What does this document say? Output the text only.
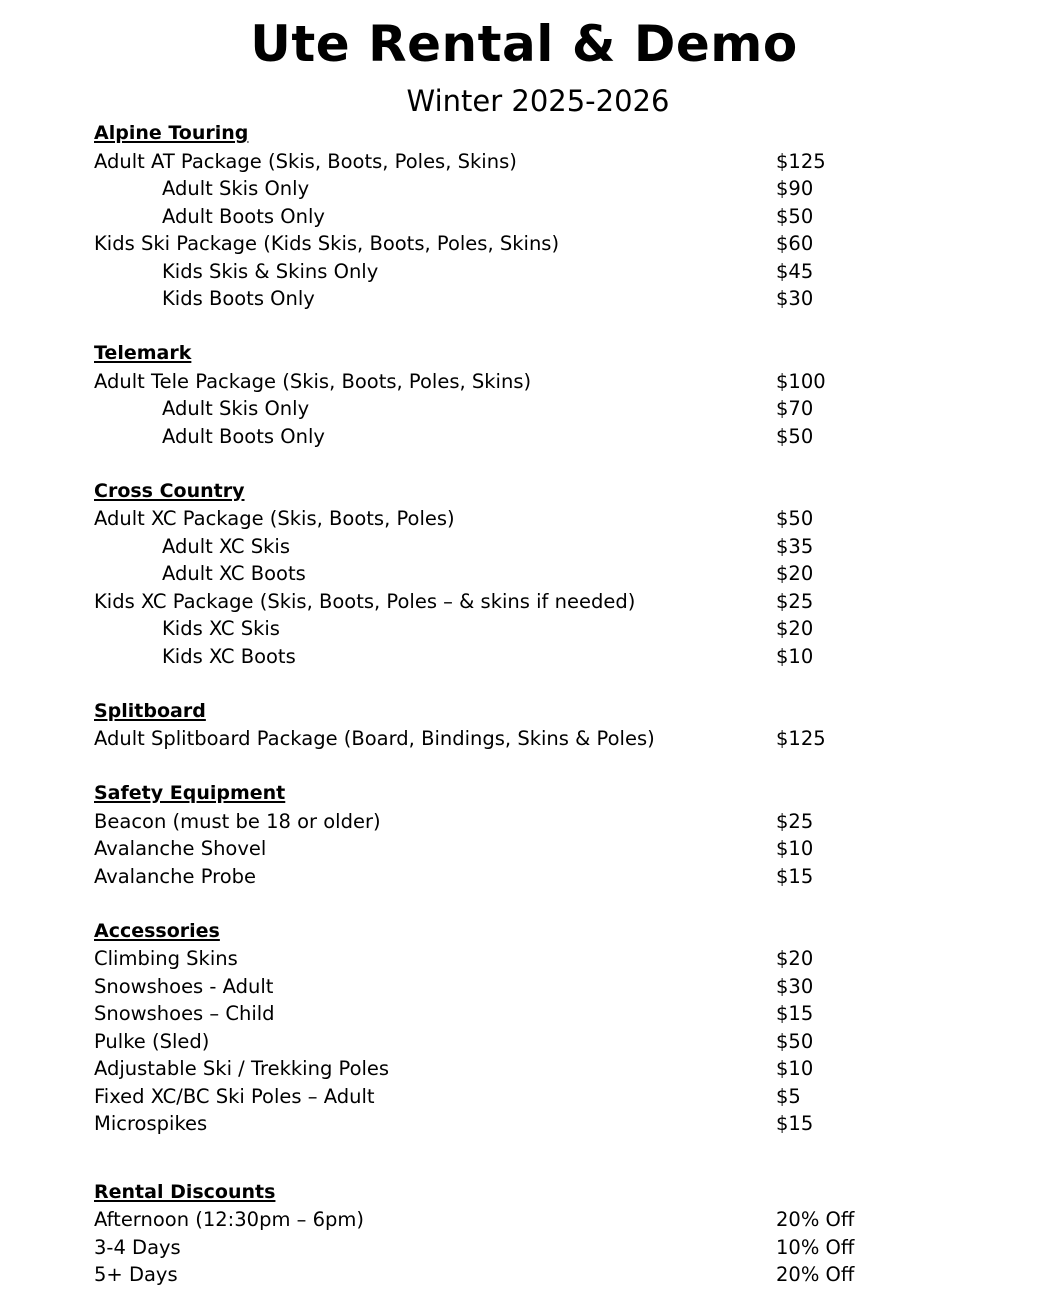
Ute Rental & Demo
Winter 2025-2026
Alpine Touring
Adult AT Package (Skis, Boots, Poles, Skins)	$125
Adult Skis Only	$90
Adult Boots Only	$50
Kids Ski Package (Kids Skis, Boots, Poles, Skins)	$60
Kids Skis & Skins Only	$45
Kids Boots Only	$30
Telemark
Adult Tele Package (Skis, Boots, Poles, Skins)	$100
Adult Skis Only	$70
Adult Boots Only	$50
Cross Country
Adult XC Package (Skis, Boots, Poles)	$50
Adult XC Skis	$35
Adult XC Boots	$20
Kids XC Package (Skis, Boots, Poles – & skins if needed)	$25
Kids XC Skis	$20
Kids XC Boots	$10
Splitboard
Adult Splitboard Package (Board, Bindings, Skins & Poles)	$125
Safety Equipment
Beacon (must be 18 or older)	$25
Avalanche Shovel	$10
Avalanche Probe	$15
Accessories
Climbing Skins	$20
Snowshoes - Adult	$30
Snowshoes – Child	$15
Pulke (Sled)	$50
Adjustable Ski / Trekking Poles	$10
Fixed XC/BC Ski Poles – Adult	$5
Microspikes	$15
Rental Discounts
Afternoon (12:30pm – 6pm)	20% Off
3-4 Days	10% Off
5+ Days	20% Off
